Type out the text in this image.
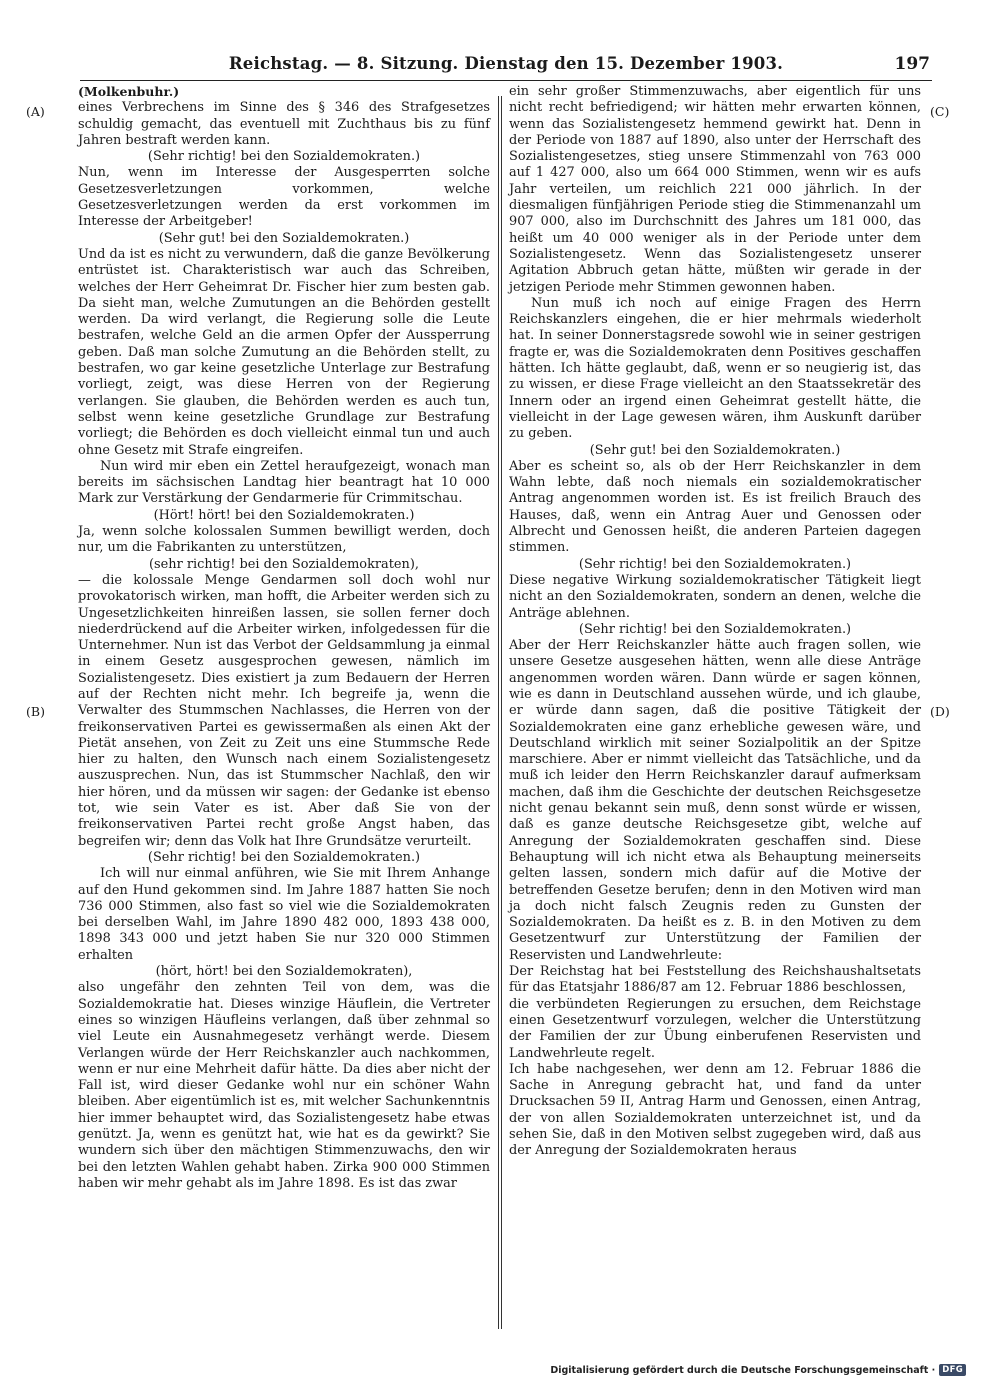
Reichstag. — 8. Sitzung. Dienstag den 15. Dezember 1903.	197
(A)
(B)
(C)
(D)

(Molkenbuhr.)

eines Verbrechens im Sinne des § 346 des Strafgesetzes schuldig gemacht, das eventuell mit Zuchthaus bis zu fünf Jahren bestraft werden kann.

(Sehr richtig! bei den Sozialdemokraten.)

Nun, wenn im Interesse der Ausgesperrten solche Gesetzesverletzungen vorkommen, welche Gesetzesverletzungen werden da erst vorkommen im Interesse der Arbeitgeber!

(Sehr gut! bei den Sozialdemokraten.)

Und da ist es nicht zu verwundern, daß die ganze Bevölkerung entrüstet ist. Charakteristisch war auch das Schreiben, welches der Herr Geheimrat Dr. Fischer hier zum besten gab. Da sieht man, welche Zumutungen an die Behörden gestellt werden. Da wird verlangt, die Regierung solle die Leute bestrafen, welche Geld an die armen Opfer der Aussperrung geben. Daß man solche Zumutung an die Behörden stellt, zu bestrafen, wo gar keine gesetzliche Unterlage zur Bestrafung vorliegt, zeigt, was diese Herren von der Regierung verlangen. Sie glauben, die Behörden werden es auch tun, selbst wenn keine gesetzliche Grundlage zur Bestrafung vorliegt; die Behörden es doch vielleicht einmal tun und auch ohne Gesetz mit Strafe eingreifen.

Nun wird mir eben ein Zettel heraufgezeigt, wonach man bereits im sächsischen Landtag hier beantragt hat 10 000 Mark zur Verstärkung der Gendarmerie für Crimmitschau.

(Hört! hört! bei den Sozialdemokraten.)

Ja, wenn solche kolossalen Summen bewilligt werden, doch nur, um die Fabrikanten zu unterstützen,

(sehr richtig! bei den Sozialdemokraten),

— die kolossale Menge Gendarmen soll doch wohl nur provokatorisch wirken, man hofft, die Arbeiter werden sich zu Ungesetzlichkeiten hinreißen lassen, sie sollen ferner doch niederdrückend auf die Arbeiter wirken, infolgedessen für die Unternehmer. Nun ist das Verbot der Geldsammlung ja einmal in einem Gesetz ausgesprochen gewesen, nämlich im Sozialistengesetz. Dies existiert ja zum Bedauern der Herren auf der Rechten nicht mehr. Ich begreife ja, wenn die Verwalter des Stummschen Nachlasses, die Herren von der freikonservativen Partei es gewissermaßen als einen Akt der Pietät ansehen, von Zeit zu Zeit uns eine Stummsche Rede hier zu halten, den Wunsch nach einem Sozialistengesetz auszusprechen. Nun, das ist Stummscher Nachlaß, den wir hier hören, und da müssen wir sagen: der Gedanke ist ebenso tot, wie sein Vater es ist. Aber daß Sie von der freikonservativen Partei recht große Angst haben, das begreifen wir; denn das Volk hat Ihre Grundsätze verurteilt.

(Sehr richtig! bei den Sozialdemokraten.)

Ich will nur einmal anführen, wie Sie mit Ihrem Anhange auf den Hund gekommen sind. Im Jahre 1887 hatten Sie noch 736 000 Stimmen, also fast so viel wie die Sozialdemokraten bei derselben Wahl, im Jahre 1890 482 000, 1893 438 000, 1898 343 000 und jetzt haben Sie nur 320 000 Stimmen erhalten

(hört, hört! bei den Sozialdemokraten),

also ungefähr den zehnten Teil von dem, was die Sozialdemokratie hat. Dieses winzige Häuflein, die Vertreter eines so winzigen Häufleins verlangen, daß über zehnmal so viel Leute ein Ausnahmegesetz verhängt werde. Diesem Verlangen würde der Herr Reichskanzler auch nachkommen, wenn er nur eine Mehrheit dafür hätte. Da dies aber nicht der Fall ist, wird dieser Gedanke wohl nur ein schöner Wahn bleiben. Aber eigentümlich ist es, mit welcher Sachunkenntnis hier immer behauptet wird, das Sozialistengesetz habe etwas genützt. Ja, wenn es genützt hat, wie hat es da gewirkt? Sie wundern sich über den mächtigen Stimmenzuwachs, den wir bei den letzten Wahlen gehabt haben. Zirka 900 000 Stimmen haben wir mehr gehabt als im Jahre 1898. Es ist das zwar

ein sehr großer Stimmenzuwachs, aber eigentlich für uns nicht recht befriedigend; wir hätten mehr erwarten können, wenn das Sozialistengesetz hemmend gewirkt hat. Denn in der Periode von 1887 auf 1890, also unter der Herrschaft des Sozialistengesetzes, stieg unsere Stimmenzahl von 763 000 auf 1 427 000, also um 664 000 Stimmen, wenn wir es aufs Jahr verteilen, um reichlich 221 000 jährlich. In der diesmaligen fünfjährigen Periode stieg die Stimmenanzahl um 907 000, also im Durchschnitt des Jahres um 181 000, das heißt um 40 000 weniger als in der Periode unter dem Sozialistengesetz. Wenn das Sozialistengesetz unserer Agitation Abbruch getan hätte, müßten wir gerade in der jetzigen Periode mehr Stimmen gewonnen haben.

Nun muß ich noch auf einige Fragen des Herrn Reichskanzlers eingehen, die er hier mehrmals wiederholt hat. In seiner Donnerstagsrede sowohl wie in seiner gestrigen fragte er, was die Sozialdemokraten denn Positives geschaffen hätten. Ich hätte geglaubt, daß, wenn er so neugierig ist, das zu wissen, er diese Frage vielleicht an den Staatssekretär des Innern oder an irgend einen Geheimrat gestellt hätte, die vielleicht in der Lage gewesen wären, ihm Auskunft darüber zu geben.

(Sehr gut! bei den Sozialdemokraten.)

Aber es scheint so, als ob der Herr Reichskanzler in dem Wahn lebte, daß noch niemals ein sozialdemokratischer Antrag angenommen worden ist. Es ist freilich Brauch des Hauses, daß, wenn ein Antrag Auer und Genossen oder Albrecht und Genossen heißt, die anderen Parteien dagegen stimmen.

(Sehr richtig! bei den Sozialdemokraten.)

Diese negative Wirkung sozialdemokratischer Tätigkeit liegt nicht an den Sozialdemokraten, sondern an denen, welche die Anträge ablehnen.

(Sehr richtig! bei den Sozialdemokraten.)

Aber der Herr Reichskanzler hätte auch fragen sollen, wie unsere Gesetze ausgesehen hätten, wenn alle diese Anträge angenommen worden wären. Dann würde er sagen können, wie es dann in Deutschland aussehen würde, und ich glaube, er würde dann sagen, daß die positive Tätigkeit der Sozialdemokraten eine ganz erhebliche gewesen wäre, und Deutschland wirklich mit seiner Sozialpolitik an der Spitze marschiere. Aber er nimmt vielleicht das Tatsächliche, und da muß ich leider den Herrn Reichskanzler darauf aufmerksam machen, daß ihm die Geschichte der deutschen Reichsgesetze nicht genau bekannt sein muß, denn sonst würde er wissen, daß es ganze deutsche Reichsgesetze gibt, welche auf Anregung der Sozialdemokraten geschaffen sind. Diese Behauptung will ich nicht etwa als Behauptung meinerseits gelten lassen, sondern mich dafür auf die Motive der betreffenden Gesetze berufen; denn in den Motiven wird man ja doch nicht falsch Zeugnis reden zu Gunsten der Sozialdemokraten. Da heißt es z. B. in den Motiven zu dem Gesetzentwurf zur Unterstützung der Familien der Reservisten und Landwehrleute:

Der Reichstag hat bei Feststellung des Reichshaushaltsetats für das Etatsjahr 1886/87 am 12. Februar 1886 beschlossen,

die verbündeten Regierungen zu ersuchen, dem Reichstage einen Gesetzentwurf vorzulegen, welcher die Unterstützung der Familien der zur Übung einberufenen Reservisten und Landwehrleute regelt.

Ich habe nachgesehen, wer denn am 12. Februar 1886 die Sache in Anregung gebracht hat, und fand da unter Drucksachen 59 II, Antrag Harm und Genossen, einen Antrag, der von allen Sozialdemokraten unterzeichnet ist, und da sehen Sie, daß in den Motiven selbst zugegeben wird, daß aus der Anregung der Sozialdemokraten heraus

Digitalisierung gefördert durch die Deutsche Forschungsgemeinschaft · DFG
